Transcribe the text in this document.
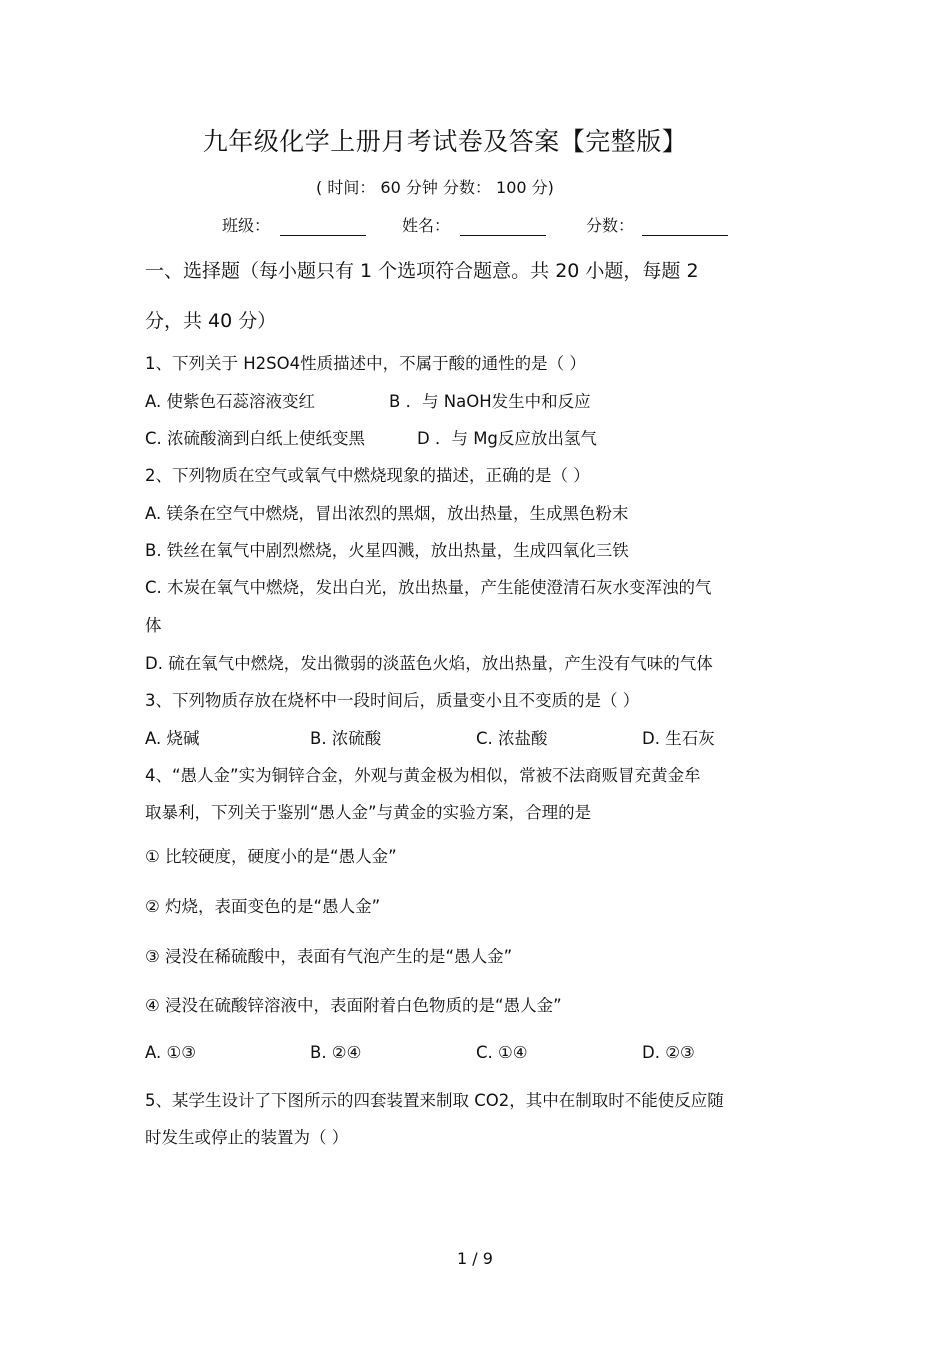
九年级化学上册月考试卷及答案【完整版】
( 时间： 60 分钟 分数： 100 分)
班级：	姓名：	分数：
一、选择题（每小题只有 1 个选项符合题意。共 20 小题，每题 2
分，共 40 分）
1、下列关于 H2SO4性质描述中，不属于酸的通性的是（ ）
A. 使紫色石蕊溶液变红	B ．与 NaOH发生中和反应
C. 浓硫酸滴到白纸上使纸变黑	D ．与 Mg反应放出氢气
2、下列物质在空气或氧气中燃烧现象的描述，正确的是（ ）
A. 镁条在空气中燃烧，冒出浓烈的黑烟，放出热量，生成黑色粉末
B. 铁丝在氧气中剧烈燃烧，火星四溅，放出热量，生成四氧化三铁
C. 木炭在氧气中燃烧，发出白光，放出热量，产生能使澄清石灰水变浑浊的气
体
D. 硫在氧气中燃烧，发出微弱的淡蓝色火焰，放出热量，产生没有气味的气体
3、下列物质存放在烧杯中一段时间后，质量变小且不变质的是（ ）
A. 烧碱	B. 浓硫酸	C. 浓盐酸	D. 生石灰
4、“愚人金”实为铜锌合金，外观与黄金极为相似，常被不法商贩冒充黄金牟
取暴利，下列关于鉴别“愚人金”与黄金的实验方案，合理的是
① 比较硬度，硬度小的是“愚人金”
② 灼烧，表面变色的是“愚人金”
③ 浸没在稀硫酸中，表面有气泡产生的是“愚人金”
④ 浸没在硫酸锌溶液中，表面附着白色物质的是“愚人金”
A. ①③	B. ②④	C. ①④	D. ②③
5、某学生设计了下图所示的四套装置来制取 CO2，其中在制取时不能使反应随
时发生或停止的装置为（ ）
1 / 9
